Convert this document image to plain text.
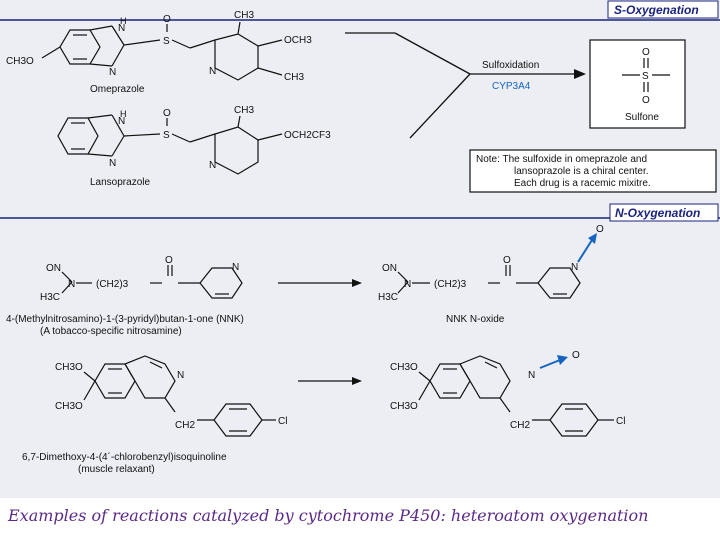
S-Oxygenation
N-Oxygenation
H
N
N
S
O	CH3
OCH3
CH3
N
CH3O
Omeprazole
H
N
N
S
O	CH3
OCH2CF3
N
Lansoprazole
Sulfoxidation
CYP3A4
O
S
O
Sulfone
Note: The sulfoxide in omeprazole and
lansoprazole is a chiral center.
Each drug is a racemic mixitre.
ON
N
H3C
(CH2)3
O
N
4-(Methylnitrosamino)-1-(3-pyridyl)butan-1-one (NNK)
(A tobacco-specific nitrosamine)
ON
N
H3C
(CH2)3
O
N
O
NNK N-oxide
CH3O
CH3O
N
CH2	Cl
6,7-Dimethoxy-4-(4´-chlorobenzyl)isoquinoline
(muscle relaxant)
CH3O
CH3O
N
O
CH2	Cl
Examples of reactions catalyzed by cytochrome P450: heteroatom oxygenation
